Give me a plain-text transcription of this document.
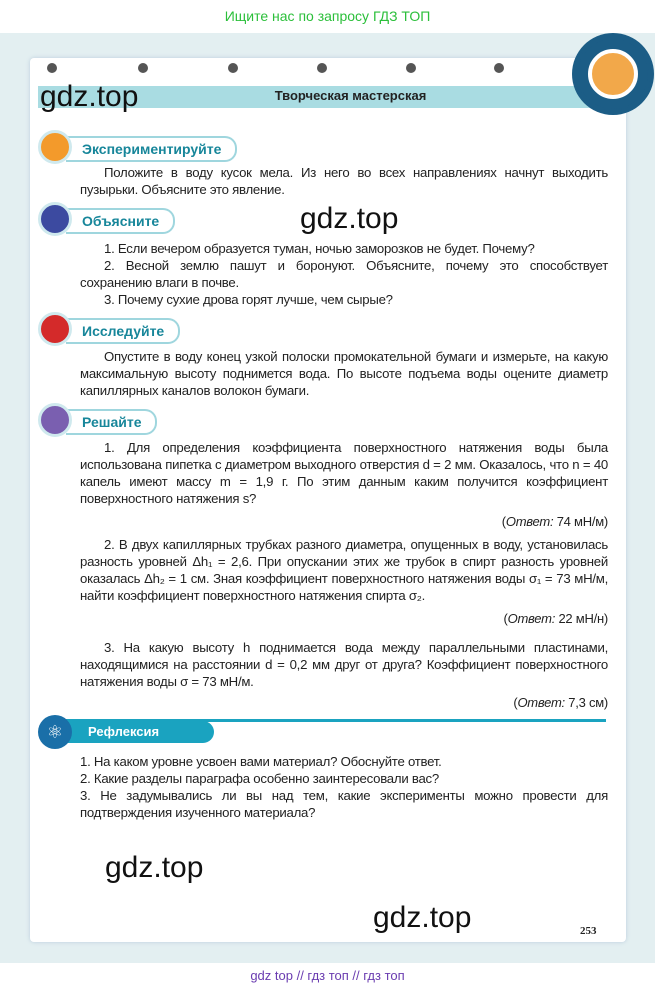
Ищите нас по запросу ГДЗ ТОП
Творческая мастерская
gdz.top
Экспериментируйте

Положите в воду кусок мела. Из него во всех направлениях начнут выходить пузырьки. Объясните это явление.

Объясните	gdz.top

1. Если вечером образуется туман, ночью заморозков не будет. Почему?

2. Весной землю пашут и боронуют. Объясните, почему это способствует сохранению влаги в почве.

3. Почему сухие дрова горят лучше, чем сырые?

Исследуйте

Опустите в воду конец узкой полоски промокательной бумаги и измерьте, на какую максимальную высоту поднимется вода. По высоте подъема воды оцените диаметр капиллярных каналов волокон бумаги.

Решайте

1. Для определения коэффициента поверхностного натяжения воды была использована пипетка с диаметром выходного отверстия d = 2 мм. Оказалось, что n = 40 капель имеют массу m = 1,9 г. По этим данным каким получится коэффициент поверхностного натяжения s?

(Ответ: 74 мН/м)

2. В двух капиллярных трубках разного диаметра, опущенных в воду, установилась разность уровней Δh₁ = 2,6. При опускании этих же трубок в спирт разность уровней оказалась Δh₂ = 1 см. Зная коэффициент поверхностного натяжения воды σ₁ = 73 мН/м, найти коэффициент поверхностного натяжения спирта σ₂.

(Ответ: 22 мН/н)

3. На какую высоту h поднимается вода между параллельными пластинами, находящимися на расстоянии d = 0,2 мм друг от друга? Коэффициент поверхностного натяжения воды σ = 73 мН/м.

(Ответ: 7,3 см)

Рефлексия
⚛

1. На каком уровне усвоен вами материал? Обоснуйте ответ.

2. Какие разделы параграфа особенно заинтересовали вас?

3. Не задумывались ли вы над тем, какие эксперименты можно провести для подтверждения изученного материала?

gdz.top
gdz.top	253
gdz top // гдз топ // гдз топ
